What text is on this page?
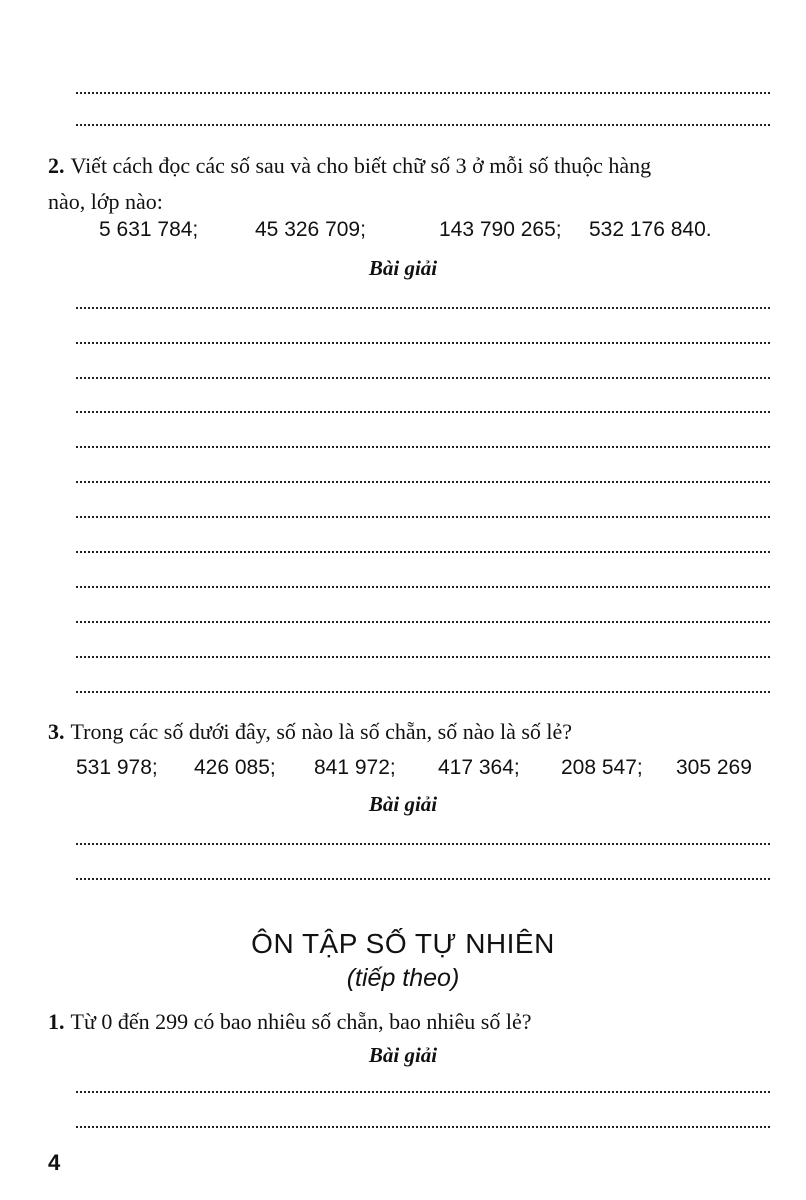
2. Viết cách đọc các số sau và cho biết chữ số 3 ở mỗi số thuộc hàng
nào, lớp nào:
5 631 784;	45 326 709;	143 790 265; 532 176 840.
Bài giải
3. Trong các số dưới đây, số nào là số chẵn, số nào là số lẻ?
531 978; 426 085; 841 972; 417 364; 208 547; 305 269
Bài giải
ÔN TẬP SỐ TỰ NHIÊN
(tiếp theo)
1. Từ 0 đến 299 có bao nhiêu số chẵn, bao nhiêu số lẻ?
Bài giải
4
